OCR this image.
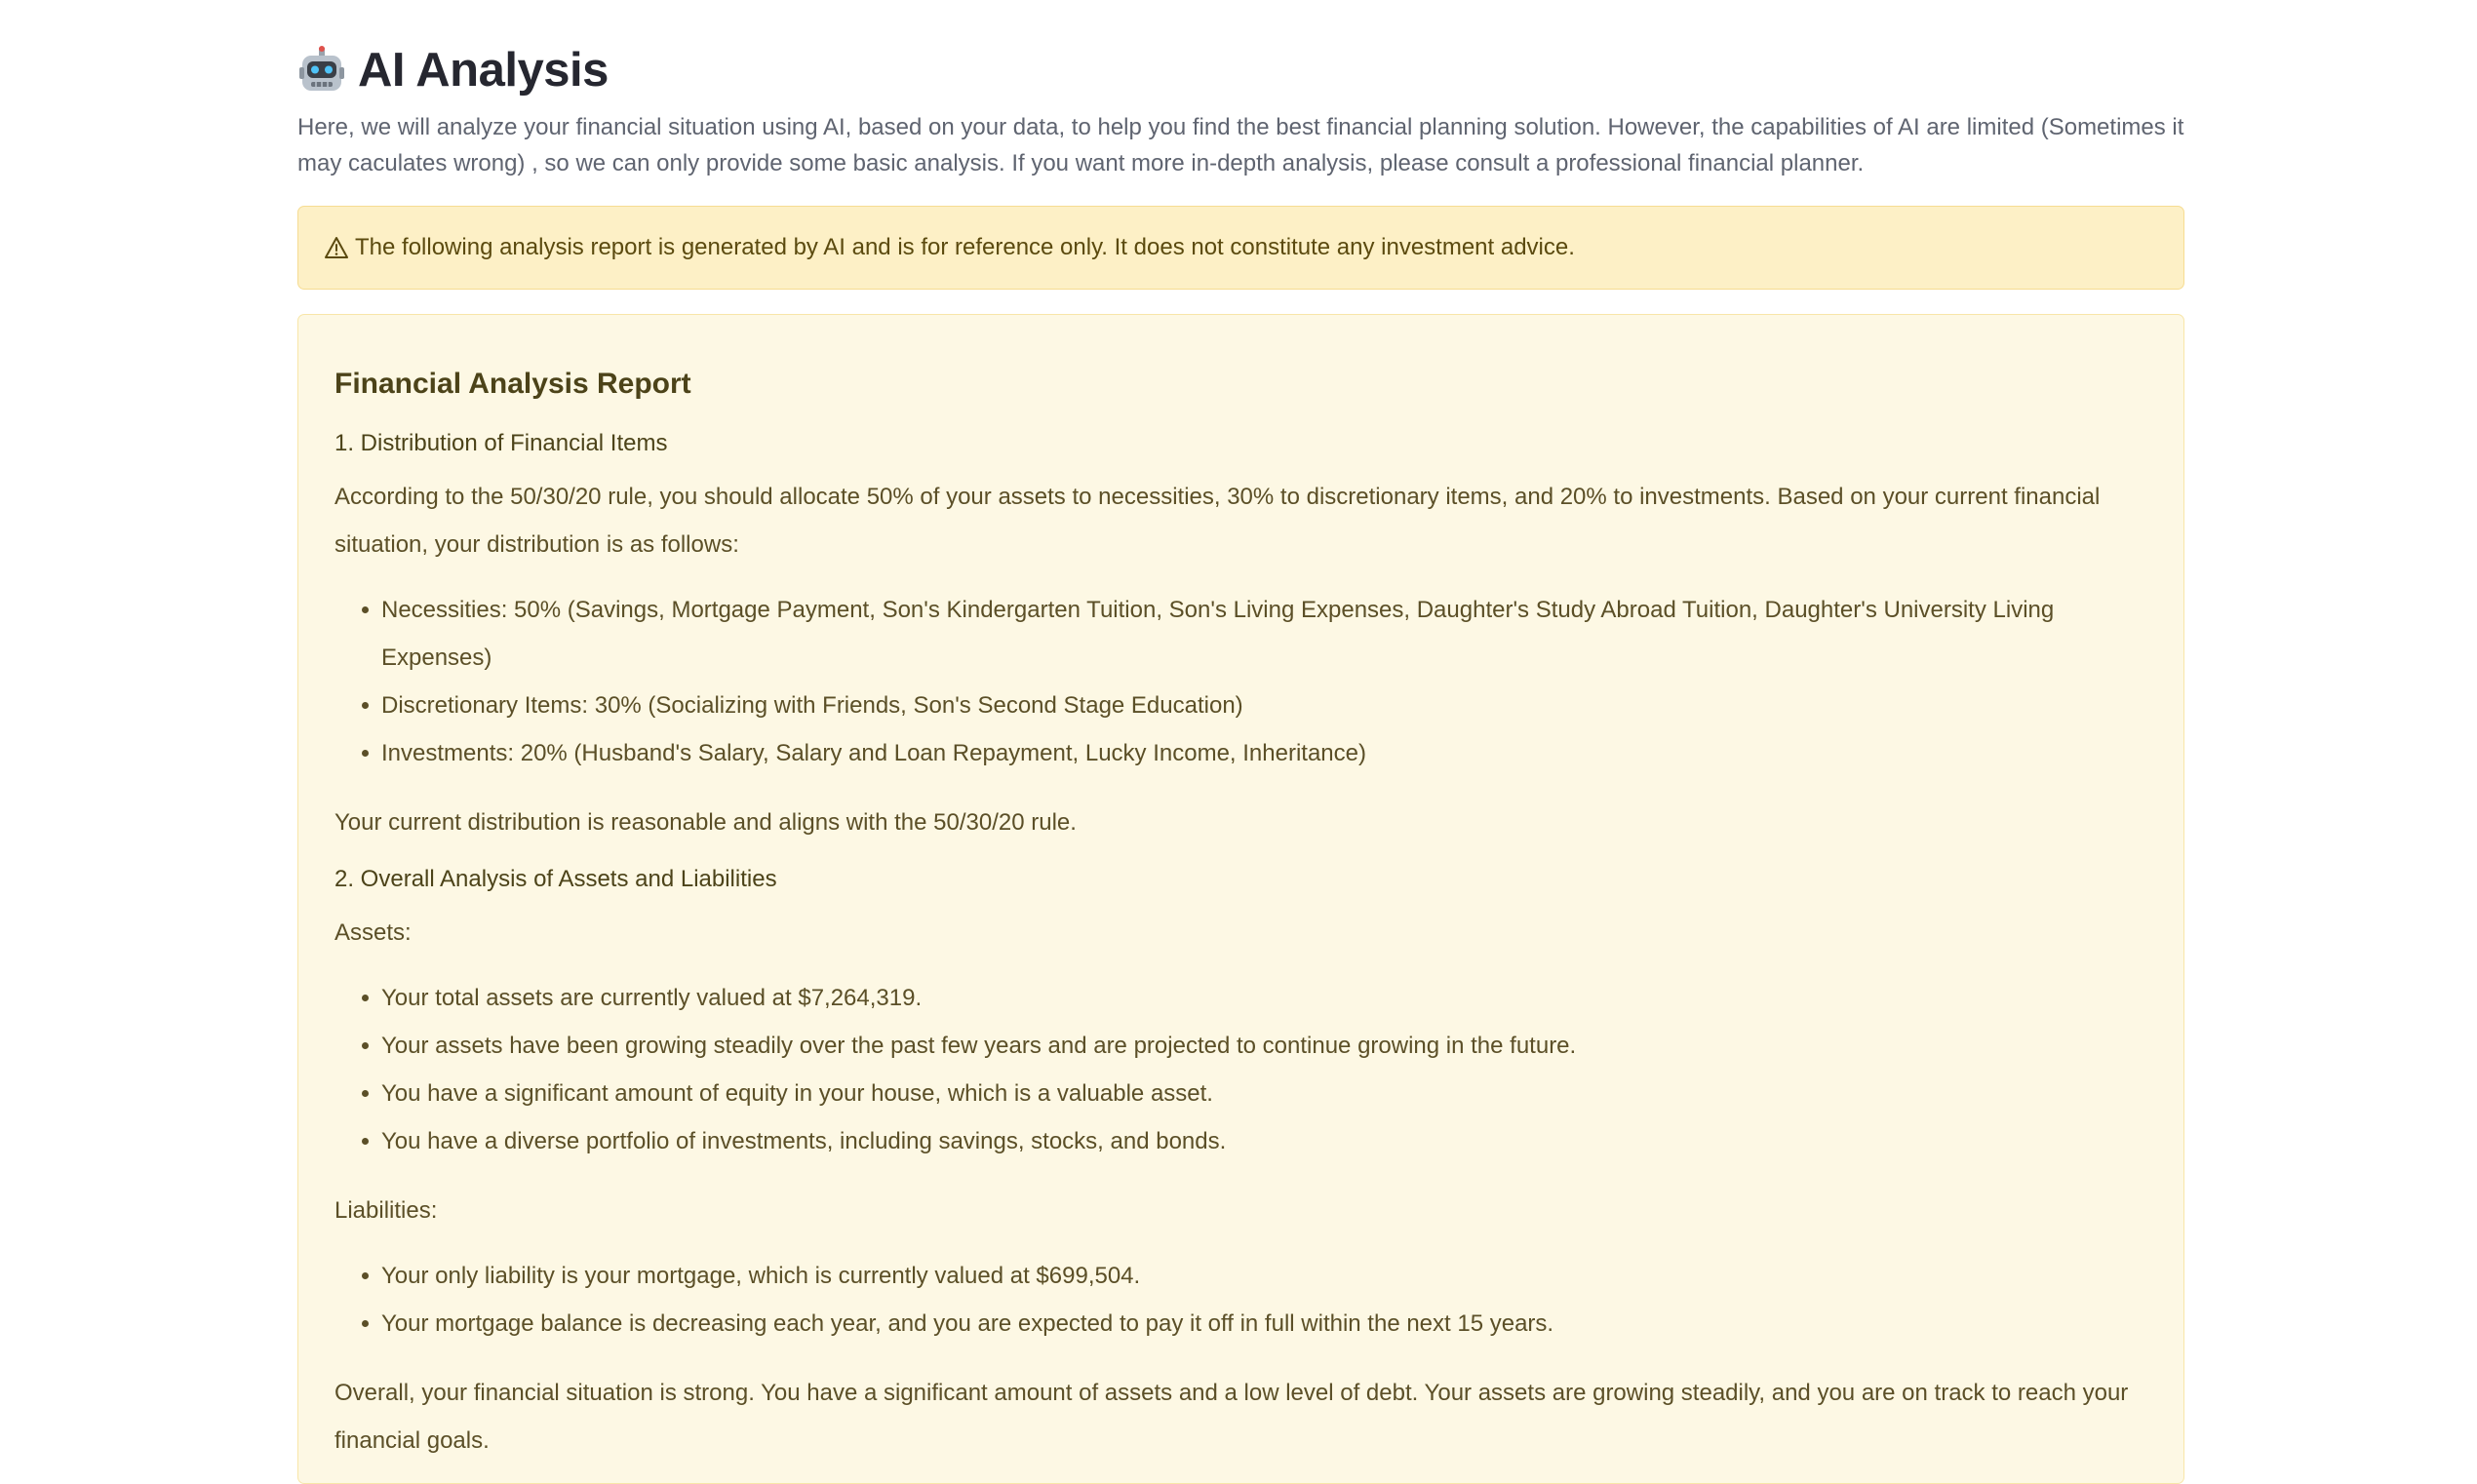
AI Analysis
Here, we will analyze your financial situation using AI, based on your data, to help you find the best financial planning solution. However, the capabilities of AI are limited (Sometimes it may caculates wrong) , so we can only provide some basic analysis. If you want more in-depth analysis, please consult a professional financial planner.
The following analysis report is generated by AI and is for reference only. It does not constitute any investment advice.
Financial Analysis Report
1. Distribution of Financial Items
According to the 50/30/20 rule, you should allocate 50% of your assets to necessities, 30% to discretionary items, and 20% to investments. Based on your current financial situation, your distribution is as follows:
Necessities: 50% (Savings, Mortgage Payment, Son's Kindergarten Tuition, Son's Living Expenses, Daughter's Study Abroad Tuition, Daughter's University Living Expenses)
Discretionary Items: 30% (Socializing with Friends, Son's Second Stage Education)
Investments: 20% (Husband's Salary, Salary and Loan Repayment, Lucky Income, Inheritance)
Your current distribution is reasonable and aligns with the 50/30/20 rule.
2. Overall Analysis of Assets and Liabilities
Assets:
Your total assets are currently valued at $7,264,319.
Your assets have been growing steadily over the past few years and are projected to continue growing in the future.
You have a significant amount of equity in your house, which is a valuable asset.
You have a diverse portfolio of investments, including savings, stocks, and bonds.
Liabilities:
Your only liability is your mortgage, which is currently valued at $699,504.
Your mortgage balance is decreasing each year, and you are expected to pay it off in full within the next 15 years.
Overall, your financial situation is strong. You have a significant amount of assets and a low level of debt. Your assets are growing steadily, and you are on track to reach your financial goals.
